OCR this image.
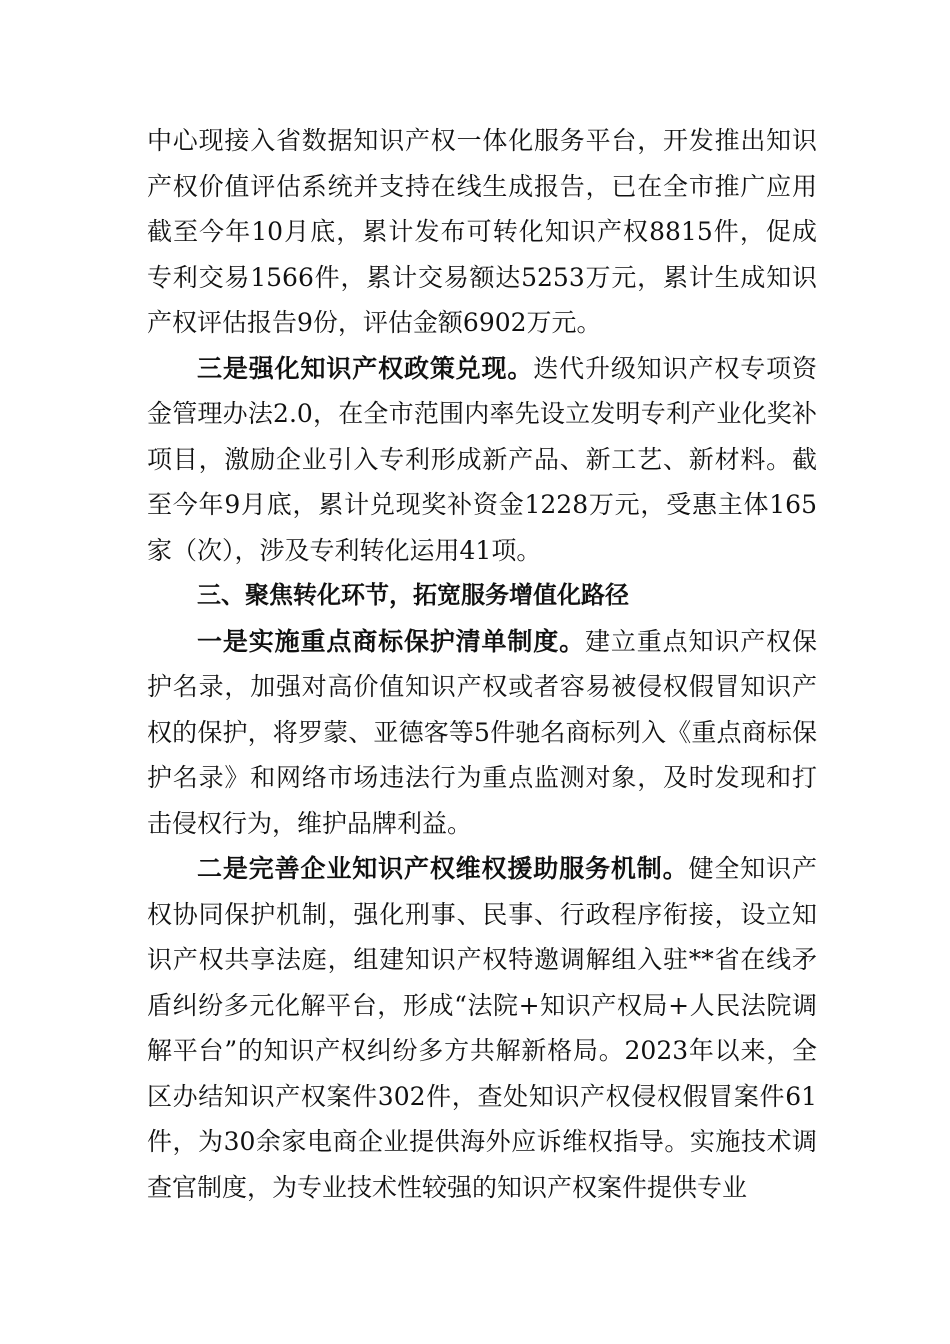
中心现接入省数据知识产权一体化服务平台，开发推出知识产权价值评估系统并支持在线生成报告，已在全市推广应用截至今年10月底，累计发布可转化知识产权8815件，促成专利交易1566件，累计交易额达5253万元，累计生成知识产权评估报告9份，评估金额6902万元。

三是强化知识产权政策兑现。迭代升级知识产权专项资金管理办法2.0，在全市范围内率先设立发明专利产业化奖补项目，激励企业引入专利形成新产品、新工艺、新材料。截至今年9月底，累计兑现奖补资金1228万元，受惠主体165家（次），涉及专利转化运用41项。

三、聚焦转化环节，拓宽服务增值化路径

一是实施重点商标保护清单制度。建立重点知识产权保护名录，加强对高价值知识产权或者容易被侵权假冒知识产权的保护，将罗蒙、亚德客等5件驰名商标列入《重点商标保护名录》和网络市场违法行为重点监测对象，及时发现和打击侵权行为，维护品牌利益。

二是完善企业知识产权维权援助服务机制。健全知识产权协同保护机制，强化刑事、民事、行政程序衔接，设立知识产权共享法庭，组建知识产权特邀调解组入驻**省在线矛盾纠纷多元化解平台，形成“法院+知识产权局+人民法院调解平台”的知识产权纠纷多方共解新格局。2023年以来，全区办结知识产权案件302件，查处知识产权侵权假冒案件61件，为30余家电商企业提供海外应诉维权指导。实施技术调查官制度，为专业技术性较强的知识产权案件提供专业
